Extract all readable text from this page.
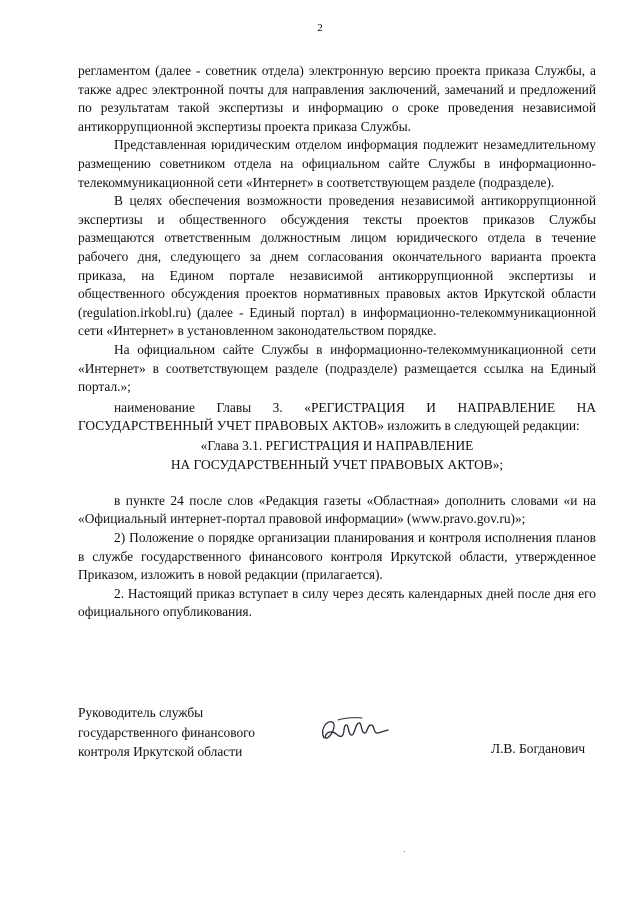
2

регламентом (далее - советник отдела) электронную версию проекта приказа Службы, а также адрес электронной почты для направления заключений, замечаний и предложений по результатам такой экспертизы и информацию о сроке проведения независимой антикоррупционной экспертизы проекта приказа Службы.

Представленная юридическим отделом информация подлежит незамедлительному размещению советником отдела на официальном сайте Службы в информационно-телекоммуникационной сети «Интернет» в соответствующем разделе (подразделе).

В целях обеспечения возможности проведения независимой антикоррупционной экспертизы и общественного обсуждения тексты проектов приказов Службы размещаются ответственным должностным лицом юридического отдела в течение рабочего дня, следующего за днем согласования окончательного варианта проекта приказа, на Едином портале независимой антикоррупционной экспертизы и общественного обсуждения проектов нормативных правовых актов Иркутской области (regulation.irkobl.ru) (далее - Единый портал) в информационно-телекоммуникационной сети «Интернет» в установленном законодательством порядке.

На официальном сайте Службы в информационно-телекоммуникационной сети «Интернет» в соответствующем разделе (подразделе) размещается ссылка на Единый портал.»;

наименование Главы 3. «РЕГИСТРАЦИЯ И НАПРАВЛЕНИЕ НА ГОСУДАРСТВЕННЫЙ УЧЕТ ПРАВОВЫХ АКТОВ» изложить в следующей редакции:

«Глава 3.1. РЕГИСТРАЦИЯ И НАПРАВЛЕНИЕ
НА ГОСУДАРСТВЕННЫЙ УЧЕТ ПРАВОВЫХ АКТОВ»;

в пункте 24 после слов «Редакция газеты «Областная» дополнить словами «и на «Официальный интернет-портал правовой информации» (www.pravo.gov.ru)»;

2) Положение о порядке организации планирования и контроля исполнения планов в службе государственного финансового контроля Иркутской области, утвержденное Приказом, изложить в новой редакции (прилагается).

2. Настоящий приказ вступает в силу через десять календарных дней после дня его официального опубликования.

Руководитель службы
государственного финансового
контроля Иркутской области	Л.В. Богданович
